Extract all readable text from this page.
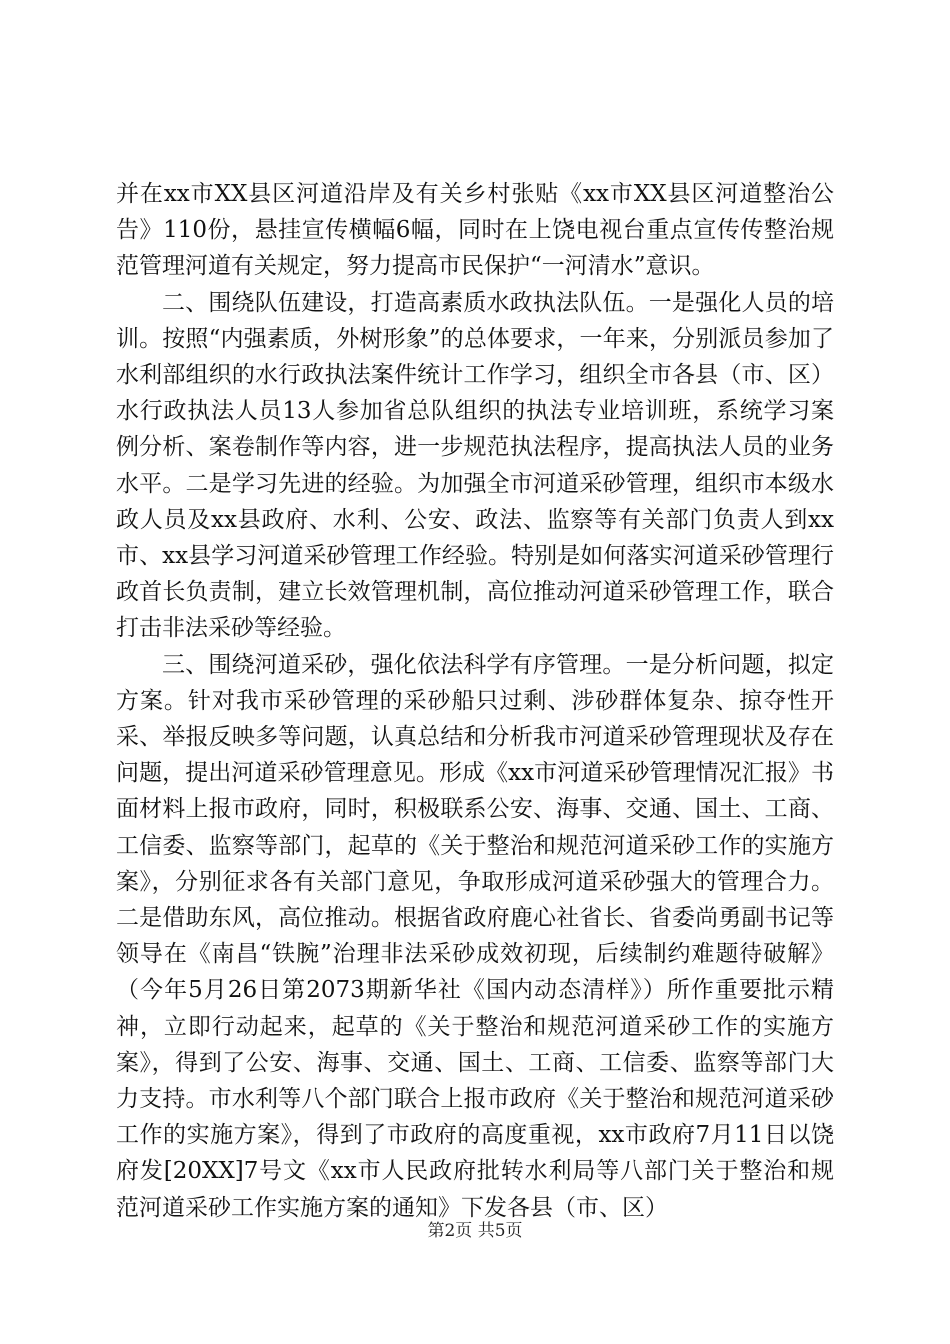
并在xx市XX县区河道沿岸及有关乡村张贴《xx市XX县区河道整治公告》110份，悬挂宣传横幅6幅，同时在上饶电视台重点宣传传整治规范管理河道有关规定，努力提高市民保护“一河清水”意识。

二、围绕队伍建设，打造高素质水政执法队伍。一是强化人员的培训。按照“内强素质，外树形象”的总体要求，一年来，分别派员参加了水利部组织的水行政执法案件统计工作学习，组织全市各县（市、区）水行政执法人员13人参加省总队组织的执法专业培训班，系统学习案例分析、案卷制作等内容，进一步规范执法程序，提高执法人员的业务水平。二是学习先进的经验。为加强全市河道采砂管理，组织市本级水政人员及xx县政府、水利、公安、政法、监察等有关部门负责人到xx市、xx县学习河道采砂管理工作经验。特别是如何落实河道采砂管理行政首长负责制，建立长效管理机制，高位推动河道采砂管理工作，联合打击非法采砂等经验。

三、围绕河道采砂，强化依法科学有序管理。一是分析问题，拟定方案。针对我市采砂管理的采砂船只过剩、涉砂群体复杂、掠夺性开采、举报反映多等问题，认真总结和分析我市河道采砂管理现状及存在问题，提出河道采砂管理意见。形成《xx市河道采砂管理情况汇报》书面材料上报市政府，同时，积极联系公安、海事、交通、国土、工商、工信委、监察等部门，起草的《关于整治和规范河道采砂工作的实施方案》，分别征求各有关部门意见，争取形成河道采砂强大的管理合力。二是借助东风，高位推动。根据省政府鹿心社省长、省委尚勇副书记等领导在《南昌“铁腕”治理非法采砂成效初现，后续制约难题待破解》（今年5月26日第2073期新华社《国内动态清样》）所作重要批示精神，立即行动起来，起草的《关于整治和规范河道采砂工作的实施方案》，得到了公安、海事、交通、国土、工商、工信委、监察等部门大力支持。市水利等八个部门联合上报市政府《关于整治和规范河道采砂工作的实施方案》，得到了市政府的高度重视，xx市政府7月11日以饶府发[20XX]7号文《xx市人民政府批转水利局等八部门关于整治和规范河道采砂工作实施方案的通知》下发各县（市、区）

第2页 共5页
